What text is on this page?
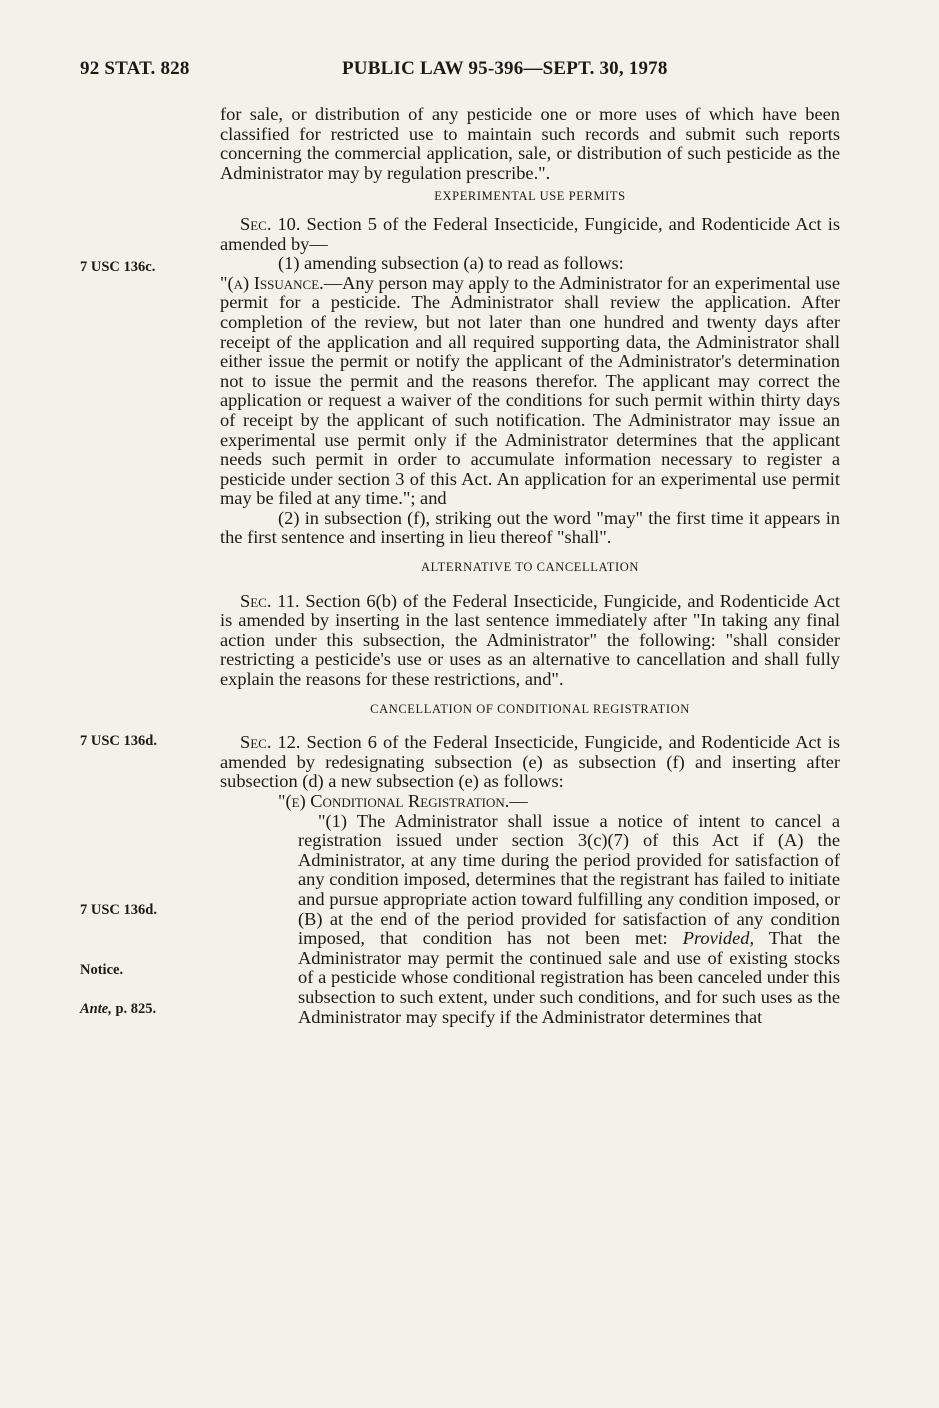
92 STAT. 828	PUBLIC LAW 95-396—SEPT. 30, 1978
7 USC 136c.
7 USC 136d.
7 USC 136d.
Notice.
Ante, p. 825.

for sale, or distribution of any pesticide one or more uses of which have been classified for restricted use to maintain such records and submit such reports concerning the commercial application, sale, or distribution of such pesticide as the Administrator may by regulation prescribe.".

EXPERIMENTAL USE PERMITS

Sec. 10. Section 5 of the Federal Insecticide, Fungicide, and Rodenticide Act is amended by—

(1) amending subsection (a) to read as follows:

"(a) Issuance.—Any person may apply to the Administrator for an experimental use permit for a pesticide. The Administrator shall review the application. After completion of the review, but not later than one hundred and twenty days after receipt of the application and all required supporting data, the Administrator shall either issue the permit or notify the applicant of the Administrator's determination not to issue the permit and the reasons therefor. The applicant may correct the application or request a waiver of the conditions for such permit within thirty days of receipt by the applicant of such notification. The Administrator may issue an experimental use permit only if the Administrator determines that the applicant needs such permit in order to accumulate information necessary to register a pesticide under section 3 of this Act. An application for an experimental use permit may be filed at any time."; and

(2) in subsection (f), striking out the word "may" the first time it appears in the first sentence and inserting in lieu thereof "shall".

ALTERNATIVE TO CANCELLATION

Sec. 11. Section 6(b) of the Federal Insecticide, Fungicide, and Rodenticide Act is amended by inserting in the last sentence immediately after "In taking any final action under this subsection, the Administrator" the following: "shall consider restricting a pesticide's use or uses as an alternative to cancellation and shall fully explain the reasons for these restrictions, and".

CANCELLATION OF CONDITIONAL REGISTRATION

Sec. 12. Section 6 of the Federal Insecticide, Fungicide, and Rodenticide Act is amended by redesignating subsection (e) as subsection (f) and inserting after subsection (d) a new subsection (e) as follows:

"(e) Conditional Registration.—

"(1) The Administrator shall issue a notice of intent to cancel a registration issued under section 3(c)(7) of this Act if (A) the Administrator, at any time during the period provided for satisfaction of any condition imposed, determines that the registrant has failed to initiate and pursue appropriate action toward fulfilling any condition imposed, or (B) at the end of the period provided for satisfaction of any condition imposed, that condition has not been met: Provided, That the Administrator may permit the continued sale and use of existing stocks of a pesticide whose conditional registration has been canceled under this subsection to such extent, under such conditions, and for such uses as the Administrator may specify if the Administrator determines that
